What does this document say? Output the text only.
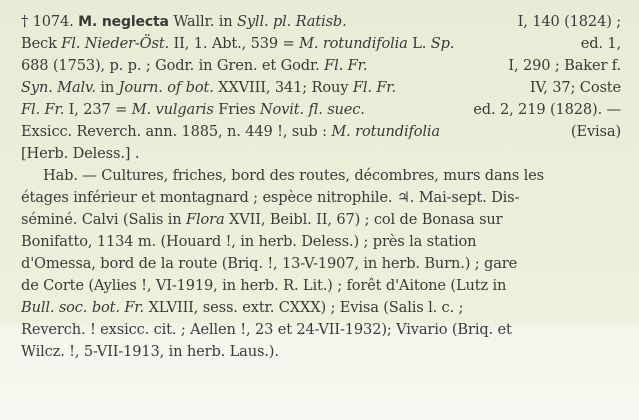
† 1074. M. neglecta Wallr. in Syll. pl. Ratisb.	I, 140 (1824) ;
Beck Fl. Nieder-Öst. II, 1. Abt., 539 = M. rotundifolia L. Sp.	ed. 1,
688 (1753), p. p. ; Godr. in Gren. et Godr. Fl. Fr.	I, 290 ; Baker f.
Syn. Malv. in Journ. of bot. XXVIII, 341; Rouy Fl. Fr.	IV, 37; Coste
Fl. Fr. I, 237 = M. vulgaris Fries Novit. fl. suec.	ed. 2, 219 (1828). —
Exsicc. Reverch. ann. 1885, n. 449 !, sub : M. rotundifolia	(Evisa)
[Herb. Deless.] .
Hab. — Cultures, friches, bord des routes, décombres, murs dans les
étages inférieur et montagnard ; espèce nitrophile. ♃. Mai-sept. Dis-
séminé. Calvi (Salis in Flora XVII, Beibl. II, 67) ; col de Bonasa sur
Bonifatto, 1134 m. (Houard !, in herb. Deless.) ; près la station
d'Omessa, bord de la route (Briq. !, 13-V-1907, in herb. Burn.) ; gare
de Corte (Aylies !, VI-1919, in herb. R. Lit.) ; forêt d'Aitone (Lutz in
Bull. soc. bot. Fr. XLVIII, sess. extr. CXXX) ; Evisa (Salis l. c. ;
Reverch. ! exsicc. cit. ; Aellen !, 23 et 24-VII-1932); Vivario (Briq. et
Wilcz. !, 5-VII-1913, in herb. Laus.).
